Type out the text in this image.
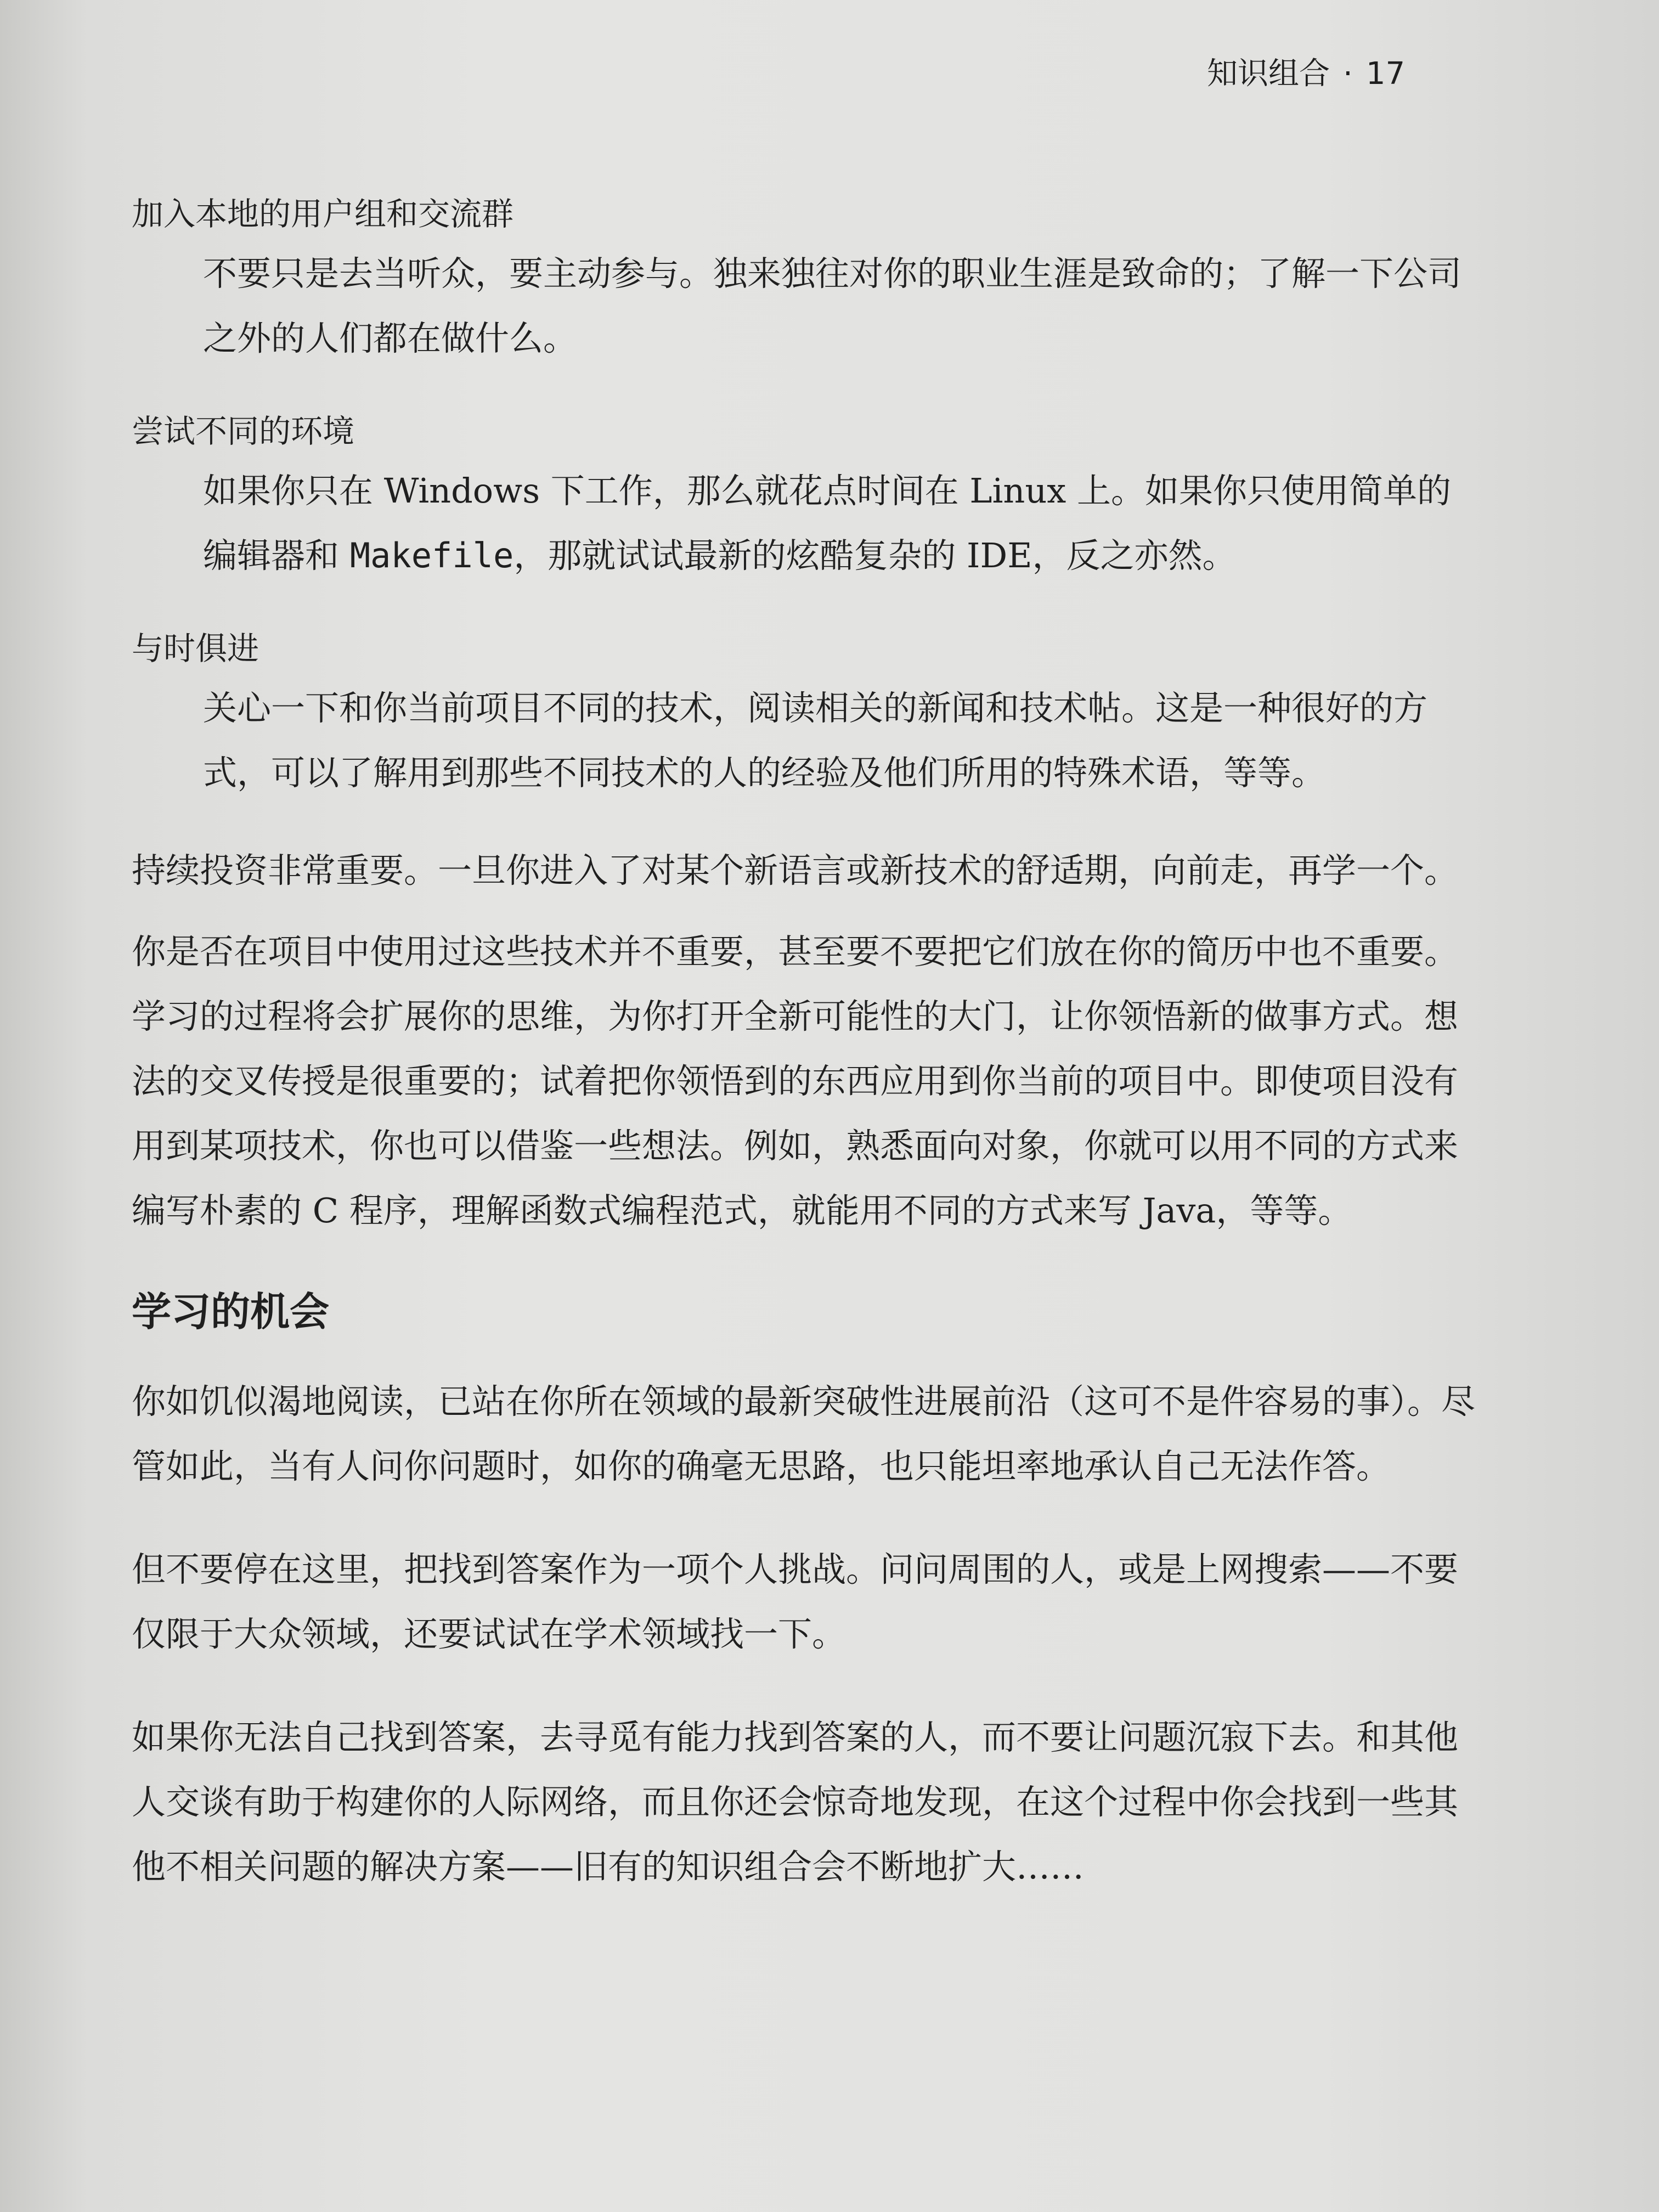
知识组合 · 17

加入本地的用户组和交流群

不要只是去当听众，要主动参与。独来独往对你的职业生涯是致命的；了解一下公司之外的人们都在做什么。

尝试不同的环境

如果你只在 Windows 下工作，那么就花点时间在 Linux 上。如果你只使用简单的编辑器和 Makefile，那就试试最新的炫酷复杂的 IDE，反之亦然。

与时俱进

关心一下和你当前项目不同的技术，阅读相关的新闻和技术帖。这是一种很好的方式，可以了解用到那些不同技术的人的经验及他们所用的特殊术语，等等。

持续投资非常重要。一旦你进入了对某个新语言或新技术的舒适期，向前走，再学一个。

你是否在项目中使用过这些技术并不重要，甚至要不要把它们放在你的简历中也不重要。学习的过程将会扩展你的思维，为你打开全新可能性的大门，让你领悟新的做事方式。想法的交叉传授是很重要的；试着把你领悟到的东西应用到你当前的项目中。即使项目没有用到某项技术，你也可以借鉴一些想法。例如，熟悉面向对象，你就可以用不同的方式来编写朴素的 C 程序，理解函数式编程范式，就能用不同的方式来写 Java，等等。

学习的机会

你如饥似渴地阅读，已站在你所在领域的最新突破性进展前沿（这可不是件容易的事）。尽管如此，当有人问你问题时，如你的确毫无思路，也只能坦率地承认自己无法作答。

但不要停在这里，把找到答案作为一项个人挑战。问问周围的人，或是上网搜索——不要仅限于大众领域，还要试试在学术领域找一下。

如果你无法自己找到答案，去寻觅有能力找到答案的人，而不要让问题沉寂下去。和其他人交谈有助于构建你的人际网络，而且你还会惊奇地发现，在这个过程中你会找到一些其他不相关问题的解决方案——旧有的知识组合会不断地扩大……
